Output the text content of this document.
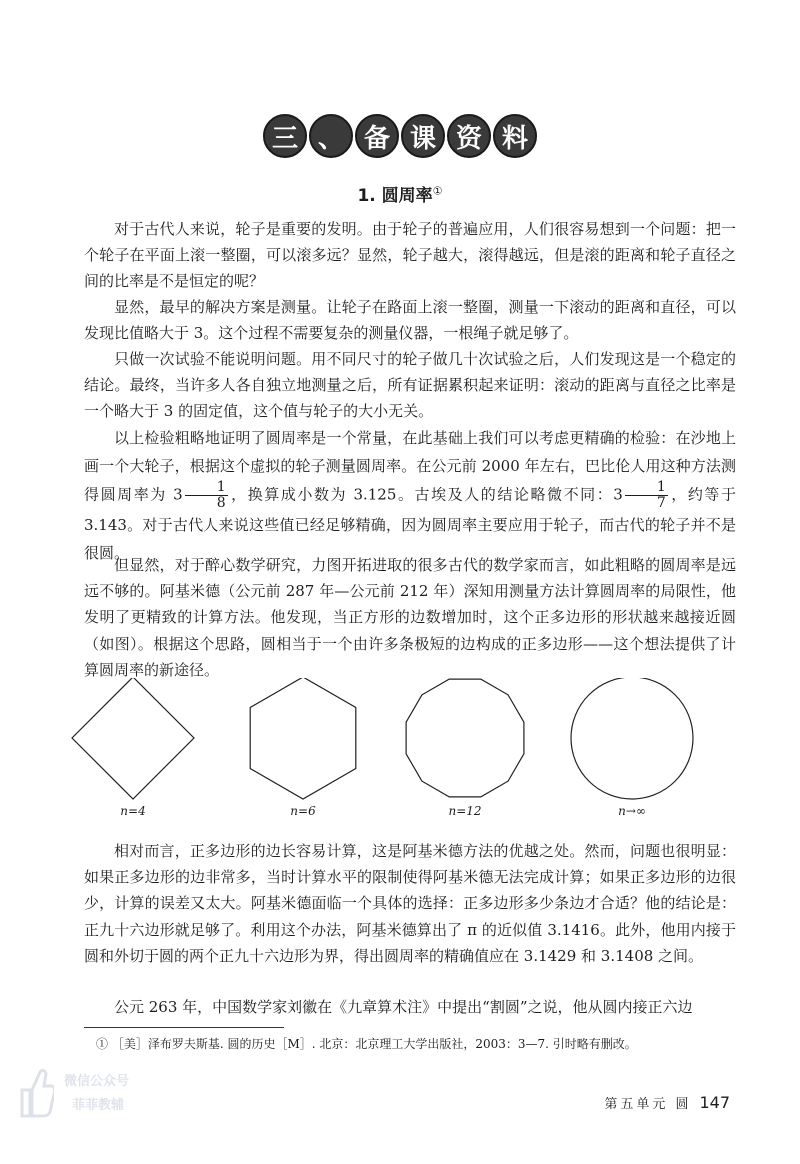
三 、 备 课 资 料
1. 圆周率①

对于古代人来说，轮子是重要的发明。由于轮子的普遍应用，人们很容易想到一个问题：把一个轮子在平面上滚一整圈，可以滚多远？显然，轮子越大，滚得越远，但是滚的距离和轮子直径之间的比率是不是恒定的呢？

显然，最早的解决方案是测量。让轮子在路面上滚一整圈，测量一下滚动的距离和直径，可以发现比值略大于 3。这个过程不需要复杂的测量仪器，一根绳子就足够了。

只做一次试验不能说明问题。用不同尺寸的轮子做几十次试验之后，人们发现这是一个稳定的结论。最终，当许多人各自独立地测量之后，所有证据累积起来证明：滚动的距离与直径之比率是一个略大于 3 的固定值，这个值与轮子的大小无关。

以上检验粗略地证明了圆周率是一个常量，在此基础上我们可以考虑更精确的检验：在沙地上画一个大轮子，根据这个虚拟的轮子测量圆周率。在公元前 2000 年左右，巴比伦人用这种方法测得圆周率为 $3 \frac{1}{8}$ ，换算成小数为 3.125。古埃及人的结论略微不同：$3 \frac{1}{7}$ ，约等于 3.143。对于古代人来说这些值已经足够精确，因为圆周率主要应用于轮子，而古代的轮子并不是很圆。

但显然，对于醉心数学研究，力图开拓进取的很多古代的数学家而言，如此粗略的圆周率是远远不够的。阿基米德（公元前 287 年—公元前 212 年）深知用测量方法计算圆周率的局限性，他发明了更精致的计算方法。他发现，当正方形的边数增加时，这个正多边形的形状越来越接近圆（如图）。根据这个思路，圆相当于一个由许多条极短的边构成的正多边形——这个想法提供了计算圆周率的新途径。

n=4	n=6	n=12	n→∞

相对而言，正多边形的边长容易计算，这是阿基米德方法的优越之处。然而，问题也很明显：如果正多边形的边非常多，当时计算水平的限制使得阿基米德无法完成计算；如果正多边形的边很少，计算的误差又太大。阿基米德面临一个具体的选择：正多边形多少条边才合适？他的结论是：正九十六边形就足够了。利用这个办法，阿基米德算出了 π 的近似值 3.1416。此外，他用内接于圆和外切于圆的两个正九十六边形为界，得出圆周率的精确值应在 3.1429 和 3.1408 之间。

公元 263 年，中国数学家刘徽在《九章算术注》中提出“割圆”之说，他从圆内接正六边

① ［美］泽布罗夫斯基. 圆的历史［M］. 北京：北京理工大学出版社，2003：3—7. 引时略有删改。
微信公众号
菲菲教辅	第五单元 圆 147
